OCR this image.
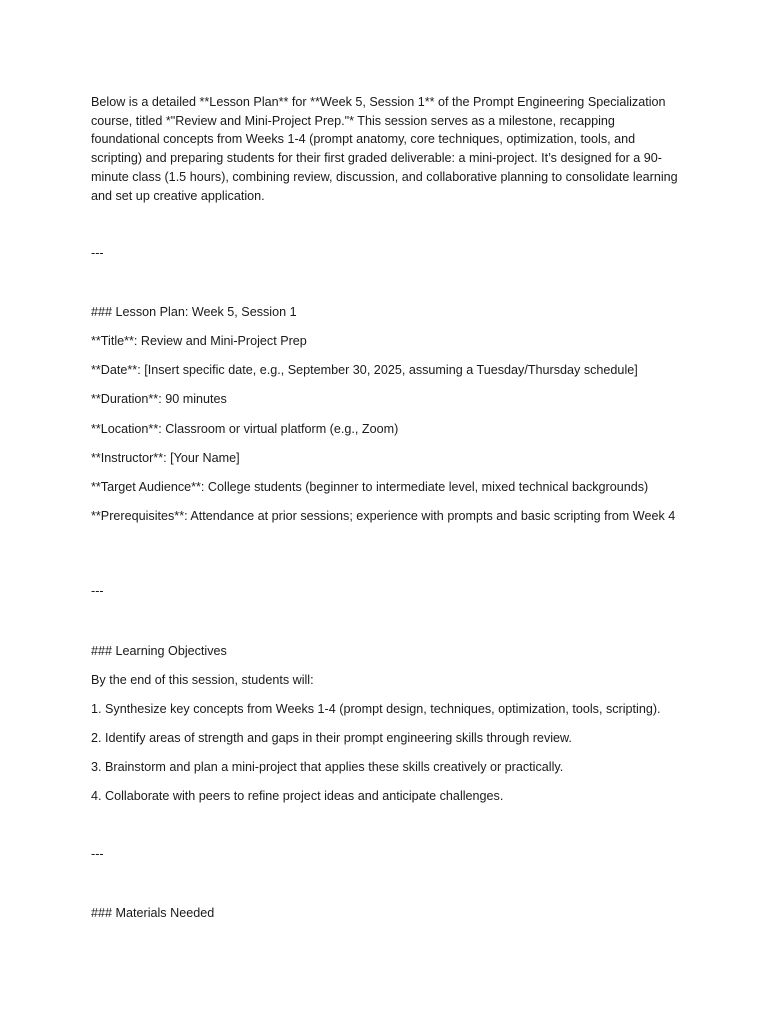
Below is a detailed **Lesson Plan** for **Week 5, Session 1** of the Prompt Engineering Specialization course, titled *"Review and Mini-Project Prep."* This session serves as a milestone, recapping foundational concepts from Weeks 1-4 (prompt anatomy, core techniques, optimization, tools, and scripting) and preparing students for their first graded deliverable: a mini-project. It’s designed for a 90-minute class (1.5 hours), combining review, discussion, and collaborative planning to consolidate learning and set up creative application.

---

### Lesson Plan: Week 5, Session 1

**Title**: Review and Mini-Project Prep

**Date**: [Insert specific date, e.g., September 30, 2025, assuming a Tuesday/Thursday schedule]

**Duration**: 90 minutes

**Location**: Classroom or virtual platform (e.g., Zoom)

**Instructor**: [Your Name]

**Target Audience**: College students (beginner to intermediate level, mixed technical backgrounds)

**Prerequisites**: Attendance at prior sessions; experience with prompts and basic scripting from Week 4

---

### Learning Objectives

By the end of this session, students will:

1. Synthesize key concepts from Weeks 1-4 (prompt design, techniques, optimization, tools, scripting).

2. Identify areas of strength and gaps in their prompt engineering skills through review.

3. Brainstorm and plan a mini-project that applies these skills creatively or practically.

4. Collaborate with peers to refine project ideas and anticipate challenges.

---

### Materials Needed
